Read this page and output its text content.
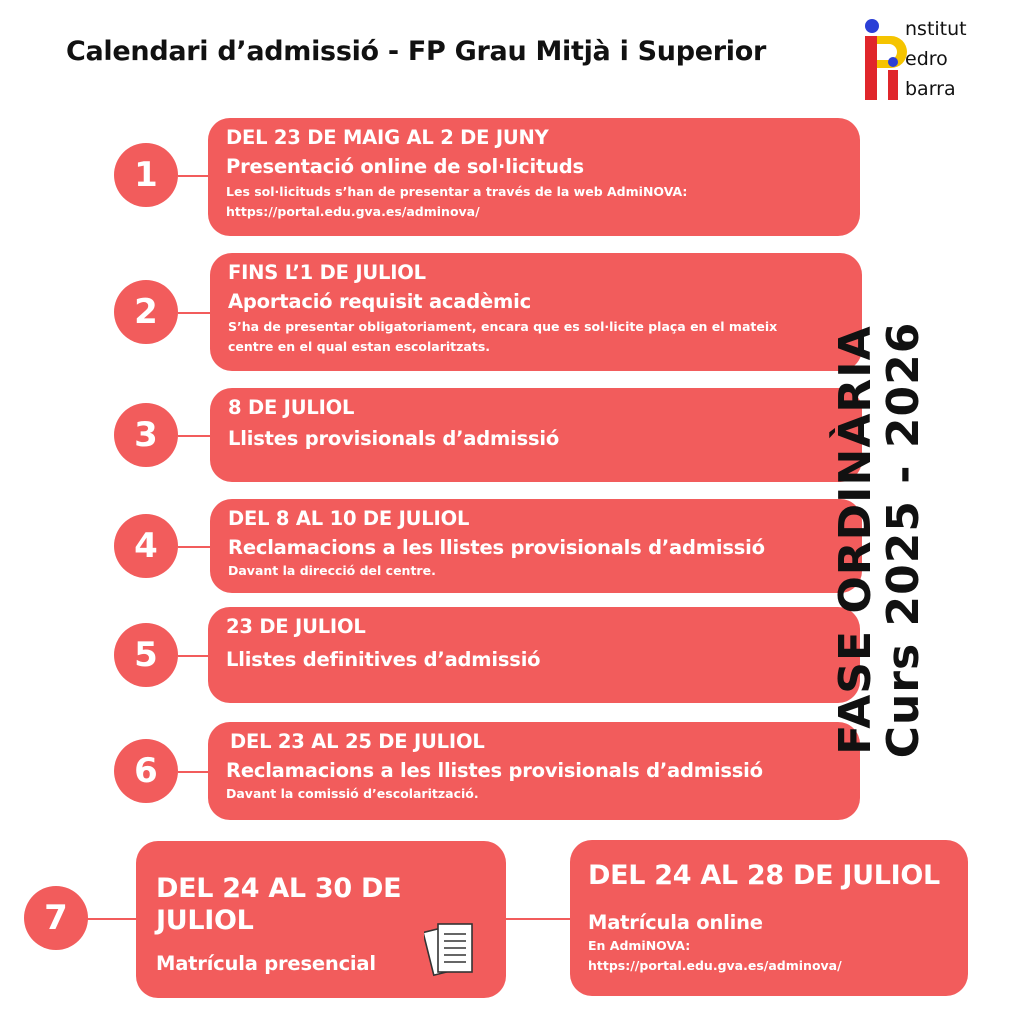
Calendari d’admissió - FP Grau Mitjà i Superior
nstitut
edro
barra
1
DEL 23 DE MAIG AL 2 DE JUNY
Presentació online de sol·licituds
Les sol·licituds s’han de presentar a través de la web AdmiNOVA:
https://portal.edu.gva.es/adminova/
2
FINS L’1 DE JULIOL
Aportació requisit acadèmic
S’ha de presentar obligatoriament, encara que es sol·licite plaça en el mateix
centre en el qual estan escolaritzats.
3
8 DE JULIOL
Llistes provisionals d’admissió
4
DEL 8 AL 10 DE JULIOL
Reclamacions a les llistes provisionals d’admissió
Davant la direcció del centre.
5
23 DE JULIOL
Llistes definitives d’admissió
6
DEL 23 AL 25 DE JULIOL
Reclamacions a les llistes provisionals d’admissió
Davant la comissió d’escolarització.
7
DEL 24 AL 30 DE JULIOL
Matrícula presencial
DEL 24 AL 28 DE JULIOL
Matrícula online
En AdmiNOVA:
https://portal.edu.gva.es/adminova/
FASE ORDINÀRIA
Curs 2025 - 2026
